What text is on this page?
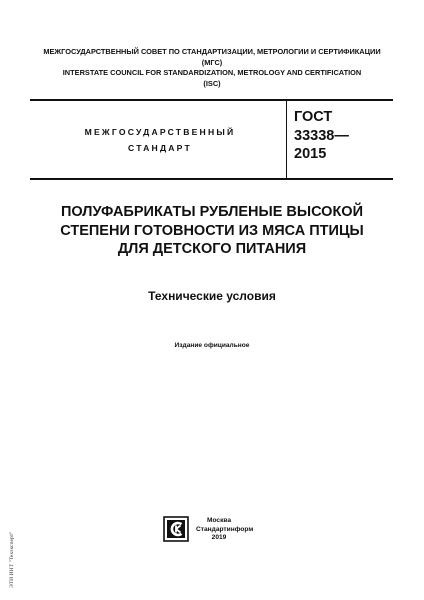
МЕЖГОСУДАРСТВЕННЫЙ СОВЕТ ПО СТАНДАРТИЗАЦИИ, МЕТРОЛОГИИ И СЕРТИФИКАЦИИ
(МГС)
INTERSTATE COUNCIL FOR STANDARDIZATION, METROLOGY AND CERTIFICATION
(ISC)
МЕЖГОСУДАРСТВЕННЫЙ
СТАНДАРТ
ГОСТ
33338—
2015
ПОЛУФАБРИКАТЫ РУБЛЕНЫЕ ВЫСОКОЙ
СТЕПЕНИ ГОТОВНОСТИ ИЗ МЯСА ПТИЦЫ
ДЛЯ ДЕТСКОГО ПИТАНИЯ
Технические условия
Издание официальное
Москва
Стандартинформ
2019
ЭТИ ИНТ "Техэксперт"
